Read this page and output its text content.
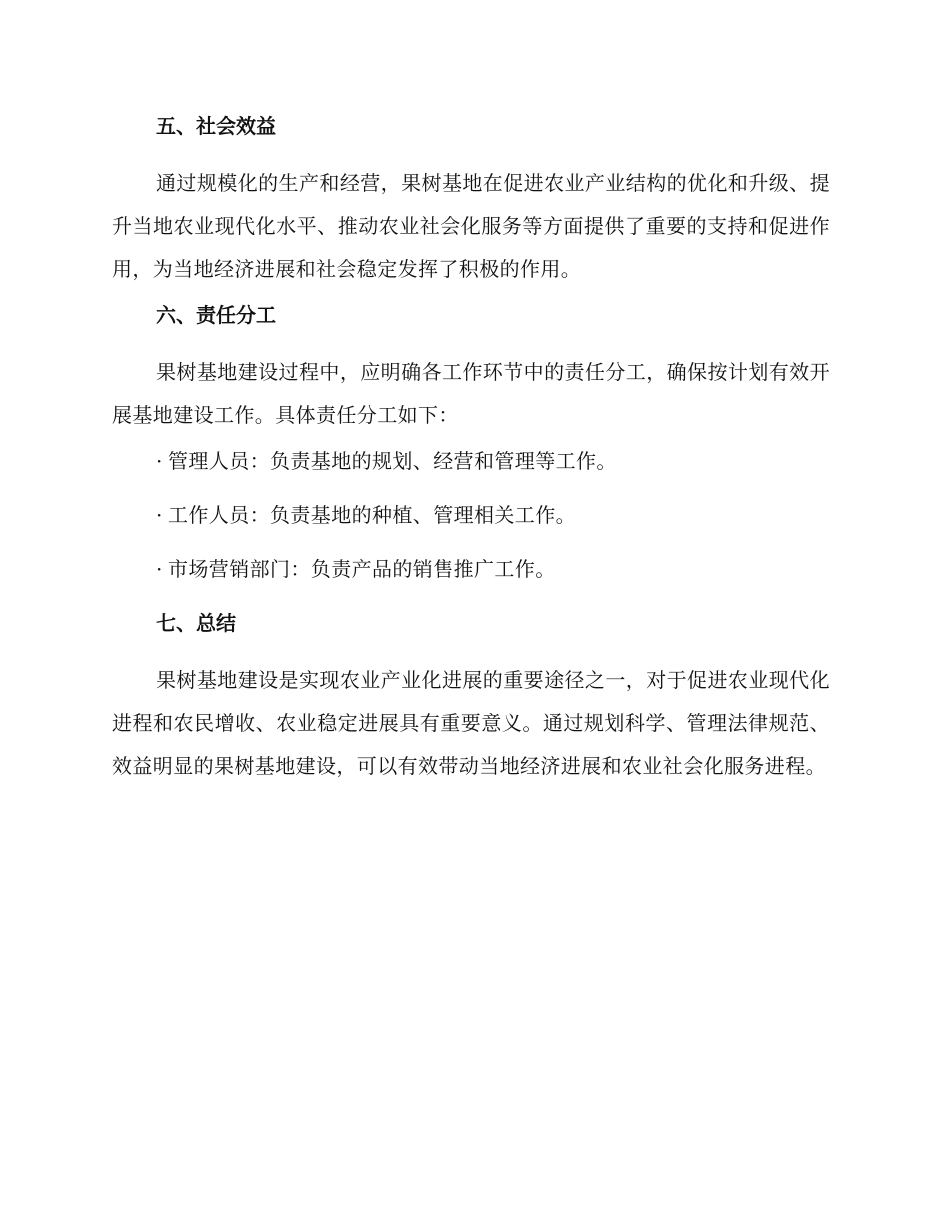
五、社会效益

通过规模化的生产和经营，果树基地在促进农业产业结构的优化和升级、提升当地农业现代化水平、推动农业社会化服务等方面提供了重要的支持和促进作用，为当地经济进展和社会稳定发挥了积极的作用。

六、责任分工

果树基地建设过程中，应明确各工作环节中的责任分工，确保按计划有效开展基地建设工作。具体责任分工如下：

· 管理人员：负责基地的规划、经营和管理等工作。
· 工作人员：负责基地的种植、管理相关工作。
· 市场营销部门：负责产品的销售推广工作。
七、总结

果树基地建设是实现农业产业化进展的重要途径之一，对于促进农业现代化进程和农民增收、农业稳定进展具有重要意义。通过规划科学、管理法律规范、效益明显的果树基地建设，可以有效带动当地经济进展和农业社会化服务进程。
